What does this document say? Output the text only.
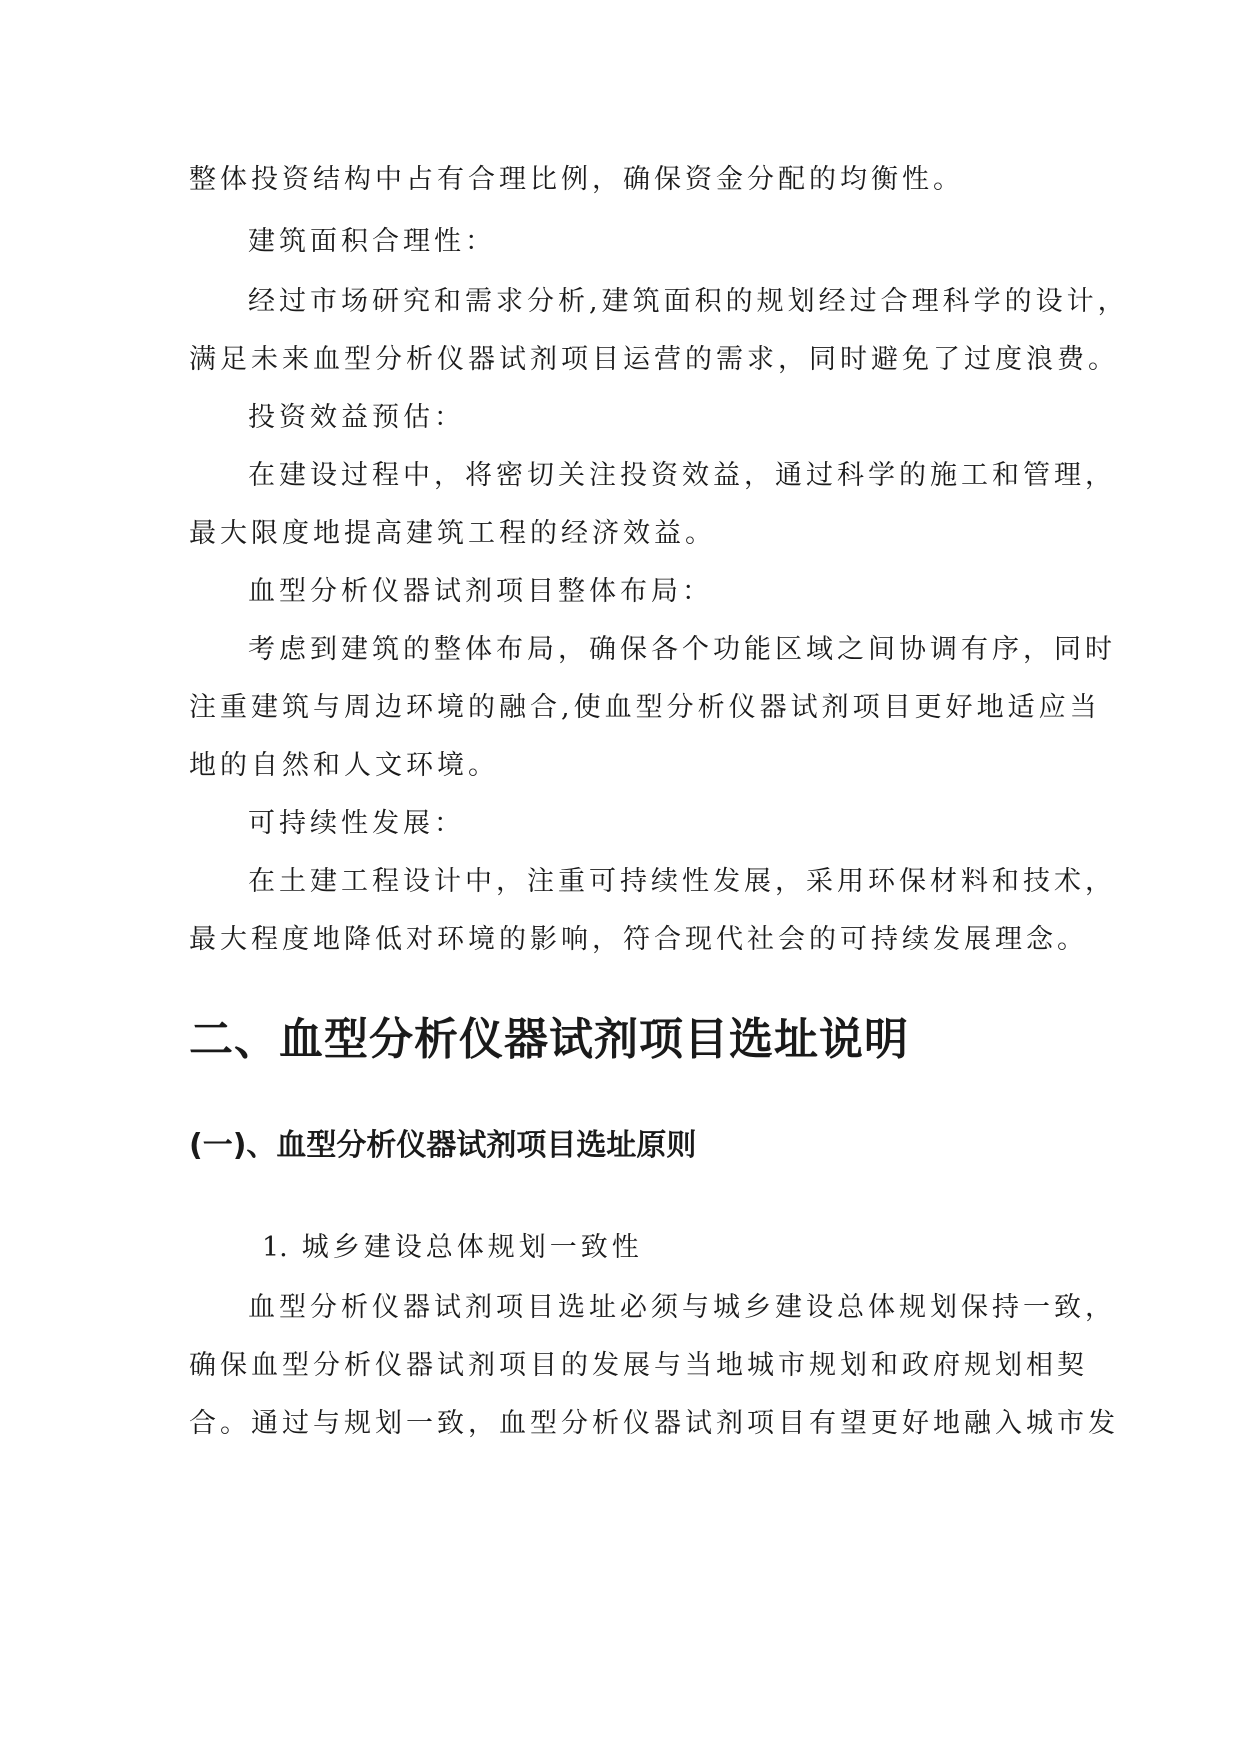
整体投资结构中占有合理比例，确保资金分配的均衡性。
建筑面积合理性：
经过市场研究和需求分析,建筑面积的规划经过合理科学的设计，
满足未来血型分析仪器试剂项目运营的需求，同时避免了过度浪费。
投资效益预估：
在建设过程中，将密切关注投资效益，通过科学的施工和管理，
最大限度地提高建筑工程的经济效益。
血型分析仪器试剂项目整体布局：
考虑到建筑的整体布局，确保各个功能区域之间协调有序，同时
注重建筑与周边环境的融合,使血型分析仪器试剂项目更好地适应当
地的自然和人文环境。
可持续性发展：
在土建工程设计中，注重可持续性发展，采用环保材料和技术，
最大程度地降低对环境的影响，符合现代社会的可持续发展理念。
二、血型分析仪器试剂项目选址说明
(一)、血型分析仪器试剂项目选址原则
1. 城乡建设总体规划一致性
血型分析仪器试剂项目选址必须与城乡建设总体规划保持一致，
确保血型分析仪器试剂项目的发展与当地城市规划和政府规划相契
合。通过与规划一致，血型分析仪器试剂项目有望更好地融入城市发
